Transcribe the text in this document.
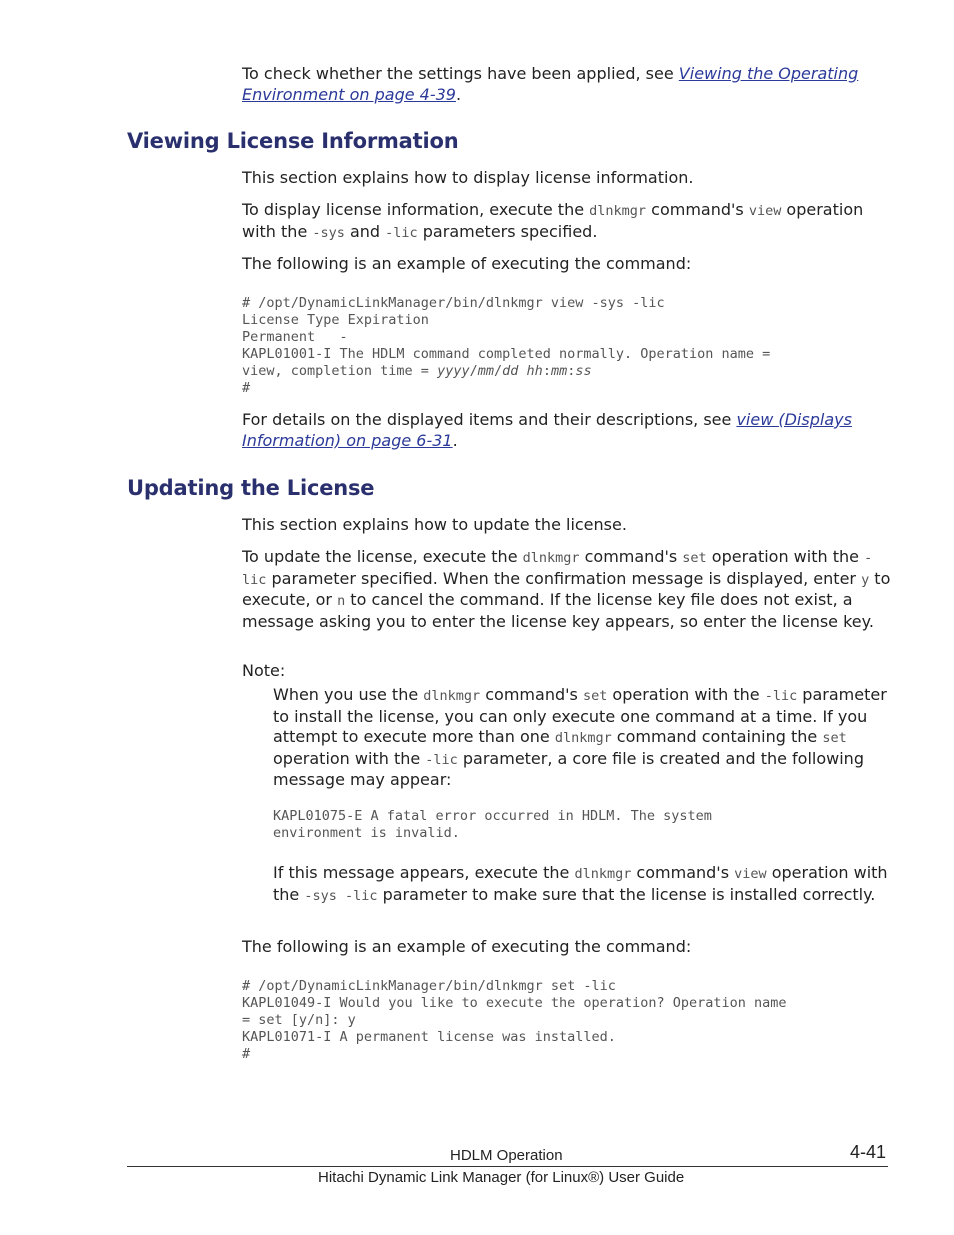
To check whether the settings have been applied, see Viewing the Operating Environment on page 4-39.

Viewing License Information

This section explains how to display license information.

To display license information, execute the dlnkmgr command's view operation with the -sys and -lic parameters specified.

The following is an example of executing the command:

# /opt/DynamicLinkManager/bin/dlnkmgr view -sys -lic
License Type Expiration
Permanent   -
KAPL01001-I The HDLM command completed normally. Operation name =
view, completion time = yyyy/mm/dd hh:mm:ss
#

For details on the displayed items and their descriptions, see view (Displays Information) on page 6-31.

Updating the License

This section explains how to update the license.

To update the license, execute the dlnkmgr command's set operation with the -lic parameter specified. When the confirmation message is displayed, enter y to execute, or n to cancel the command. If the license key file does not exist, a message asking you to enter the license key appears, so enter the license key.

Note:

When you use the dlnkmgr command's set operation with the -lic parameter to install the license, you can only execute one command at a time. If you attempt to execute more than one dlnkmgr command containing the set operation with the -lic parameter, a core file is created and the following message may appear:

KAPL01075-E A fatal error occurred in HDLM. The system
environment is invalid.

If this message appears, execute the dlnkmgr command's view operation with the -sys -lic parameter to make sure that the license is installed correctly.

The following is an example of executing the command:

# /opt/DynamicLinkManager/bin/dlnkmgr set -lic
KAPL01049-I Would you like to execute the operation? Operation name
= set [y/n]: y
KAPL01071-I A permanent license was installed.
#
HDLM Operation	4-41
Hitachi Dynamic Link Manager (for Linux®) User Guide
